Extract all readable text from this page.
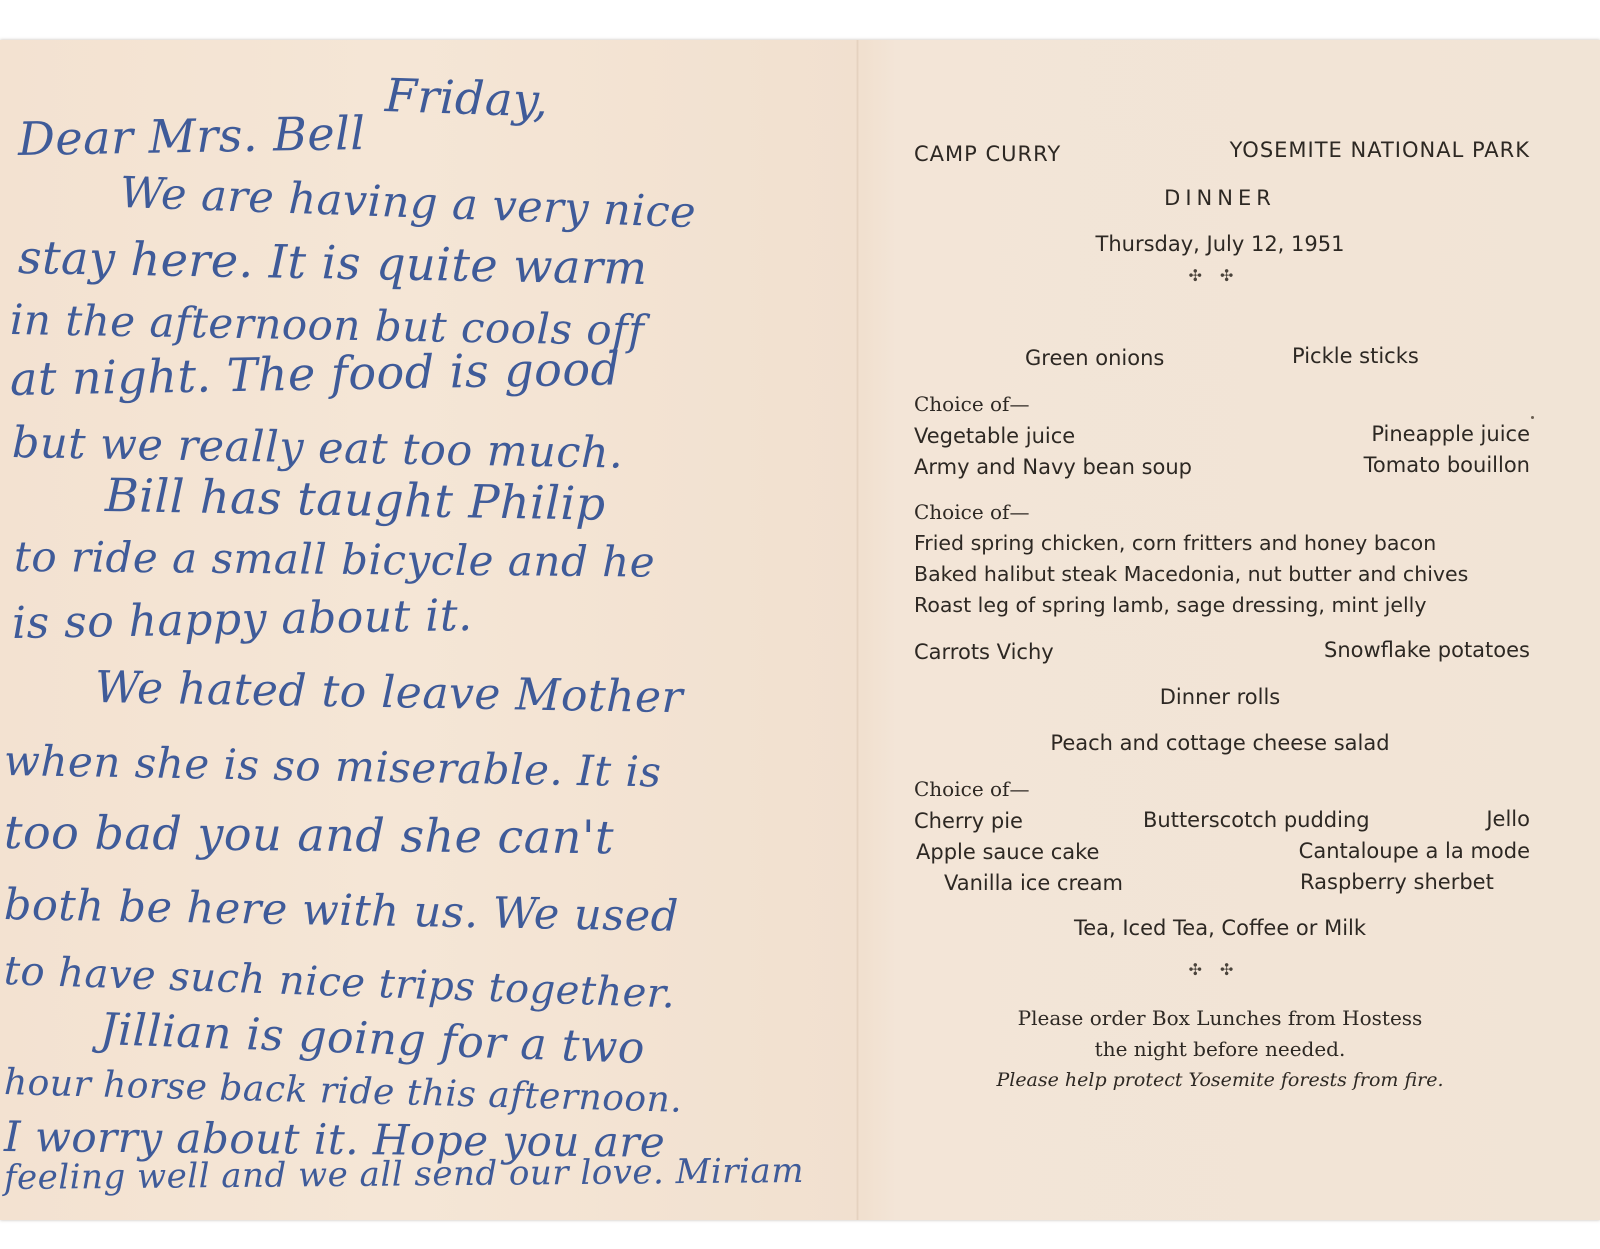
Friday,
Dear Mrs. Bell
We are having a very nice
stay here. It is quite warm
in the afternoon but cools off
at night. The food is good
but we really eat too much.
Bill has taught Philip
to ride a small bicycle and he
is so happy about it.
We hated to leave Mother
when she is so miserable. It is
too bad you and she can't
both be here with us. We used
to have such nice trips together.
Jillian is going for a two
hour horse back ride this afternoon.
I worry about it. Hope you are
feeling well and we all send our love. Miriam
CAMP CURRY	YOSEMITE NATIONAL PARK
DINNER
Thursday, July 12, 1951
✣✣
Green onions	Pickle sticks
Choice of—
Vegetable juice	Pineapple juice
Army and Navy bean soup	Tomato bouillon
Choice of—
Fried spring chicken, corn fritters and honey bacon
Baked halibut steak Macedonia, nut butter and chives
Roast leg of spring lamb, sage dressing, mint jelly
Carrots Vichy	Snowflake potatoes
Dinner rolls
Peach and cottage cheese salad
Choice of—
Cherry pie	Butterscotch pudding	Jello
Apple sauce cake	Cantaloupe a la mode
Vanilla ice cream	Raspberry sherbet
Tea, Iced Tea, Coffee or Milk
✣✣
Please order Box Lunches from Hostess
the night before needed.
Please help protect Yosemite forests from fire.
